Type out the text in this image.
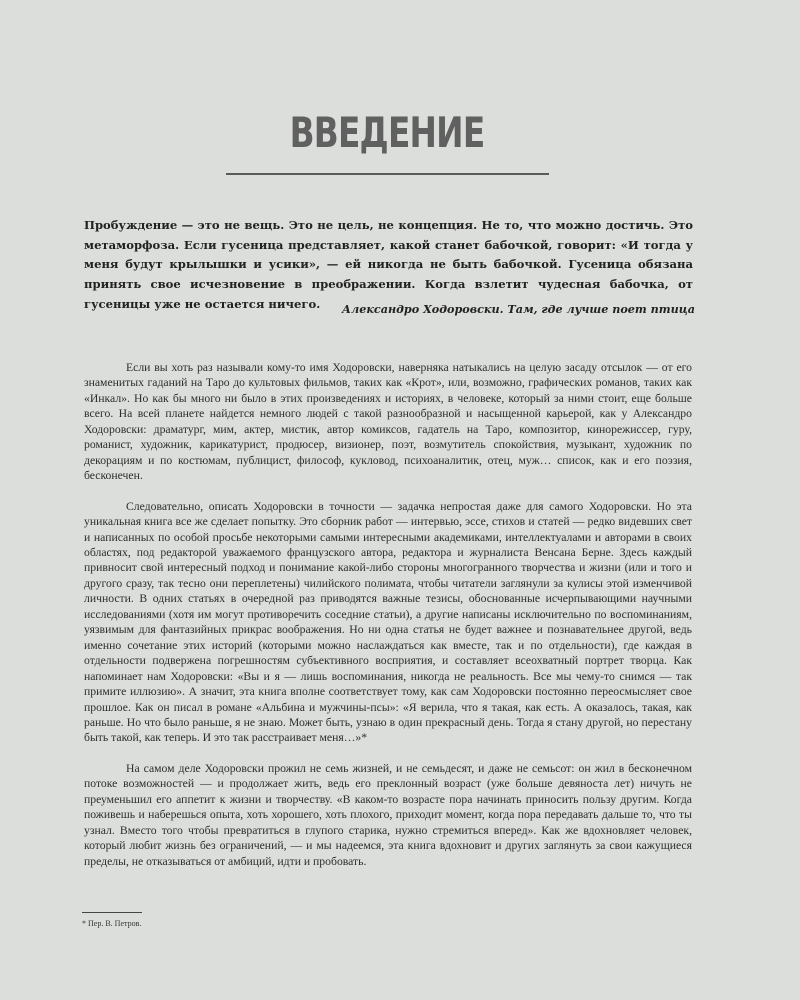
ВВЕДЕНИЕ
Пробуждение — это не вещь. Это не цель, не концепция. Не то, что можно достичь. Это метаморфоза. Если гусеница представляет, какой станет бабочкой, говорит: «И тогда у меня будут крылышки и усики», — ей никогда не быть бабочкой. Гусеница обязана принять свое исчезновение в преображении. Когда взлетит чудесная бабочка, от гусеницы уже не остается ничего.	Александро Ходоровски. Там, где лучше поет птица

Если вы хоть раз называли кому-то имя Ходоровски, наверняка натыкались на целую засаду отсылок — от его знаменитых гаданий на Таро до культовых фильмов, таких как «Крот», или, возможно, графических романов, таких как «Инкал». Но как бы много ни было в этих произведениях и историях, в человеке, который за ними стоит, еще больше всего. На всей планете найдется немного людей с такой разнообразной и насыщенной карьерой, как у Александро Ходоровски: драматург, мим, актер, мистик, автор комиксов, гадатель на Таро, композитор, кинорежиссер, гуру, романист, художник, карикатурист, продюсер, визионер, поэт, возмутитель спокойствия, музыкант, художник по декорациям и по костюмам, публицист, философ, кукловод, психоаналитик, отец, муж… список, как и его поэзия, бесконечен.

Следовательно, описать Ходоровски в точности — задачка непростая даже для самого Ходоровски. Но эта уникальная книга все же сделает попытку. Это сборник работ — интервью, эссе, стихов и статей — редко видевших свет и написанных по особой просьбе некоторыми самыми интересными академиками, интеллектуалами и авторами в своих областях, под редакторой уважаемого французского автора, редактора и журналиста Венсана Берне. Здесь каждый привносит свой интересный подход и понимание какой-либо стороны многогранного творчества и жизни (или и того и другого сразу, так тесно они переплетены) чилийского полимата, чтобы читатели заглянули за кулисы этой изменчивой личности. В одних статьях в очередной раз приводятся важные тезисы, обоснованные исчерпывающими научными исследованиями (хотя им могут противоречить соседние статьи), а другие написаны исключительно по воспоминаниям, уязвимым для фантазийных прикрас воображения. Но ни одна статья не будет важнее и познавательнее другой, ведь именно сочетание этих историй (которыми можно наслаждаться как вместе, так и по отдельности), где каждая в отдельности подвержена погрешностям субъективного восприятия, и составляет всеохватный портрет творца. Как напоминает нам Ходоровски: «Вы и я — лишь воспоминания, никогда не реальность. Все мы чему-то снимся — так примите иллюзию». А значит, эта книга вполне соответствует тому, как сам Ходоровски постоянно переосмысляет свое прошлое. Как он писал в романе «Альбина и мужчины-псы»: «Я верила, что я такая, как есть. А оказалось, такая, как раньше. Но что было раньше, я не знаю. Может быть, узнаю в один прекрасный день. Тогда я стану другой, но перестану быть такой, как теперь. И это так расстраивает меня…»*

На самом деле Ходоровски прожил не семь жизней, и не семьдесят, и даже не семьсот: он жил в бесконечном потоке возможностей — и продолжает жить, ведь его преклонный возраст (уже больше девяноста лет) ничуть не преуменьшил его аппетит к жизни и творчеству. «В каком-то возрасте пора начинать приносить пользу другим. Когда поживешь и наберешься опыта, хоть хорошего, хоть плохого, приходит момент, когда пора передавать дальше то, что ты узнал. Вместо того чтобы превратиться в глупого старика, нужно стремиться вперед». Как же вдохновляет человек, который любит жизнь без ограничений, — и мы надеемся, эта книга вдохновит и других заглянуть за свои кажущиеся пределы, не отказываться от амбиций, идти и пробовать.

* Пер. В. Петров.
